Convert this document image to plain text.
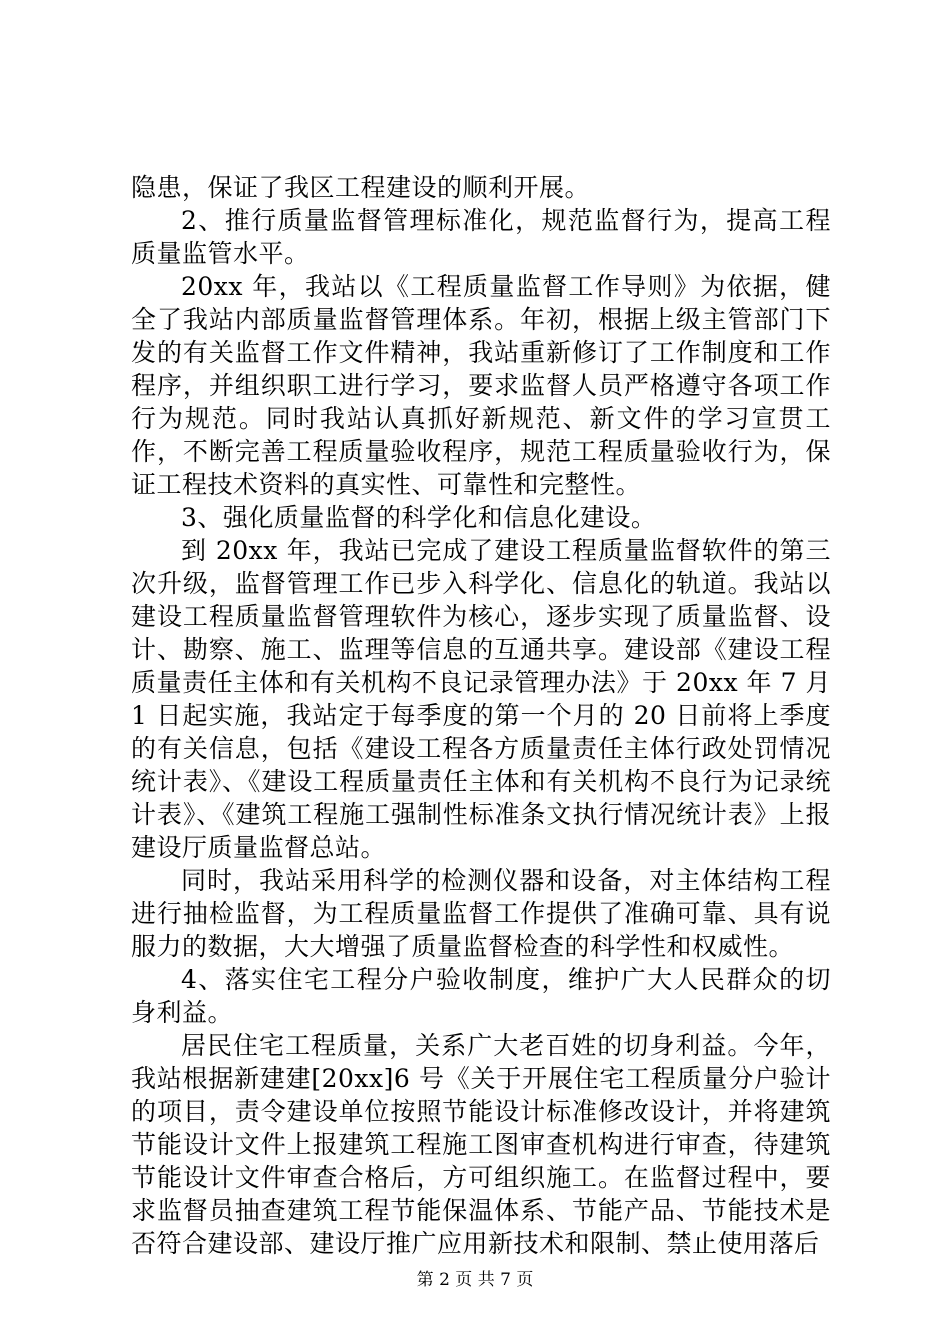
隐患，保证了我区工程建设的顺利开展。

2、推行质量监督管理标准化，规范监督行为，提高工程质量监管水平。

20xx 年，我站以《工程质量监督工作导则》为依据，健全了我站内部质量监督管理体系。年初，根据上级主管部门下发的有关监督工作文件精神，我站重新修订了工作制度和工作程序，并组织职工进行学习，要求监督人员严格遵守各项工作行为规范。同时我站认真抓好新规范、新文件的学习宣贯工作，不断完善工程质量验收程序，规范工程质量验收行为，保证工程技术资料的真实性、可靠性和完整性。

3、强化质量监督的科学化和信息化建设。

到 20xx 年，我站已完成了建设工程质量监督软件的第三次升级，监督管理工作已步入科学化、信息化的轨道。我站以建设工程质量监督管理软件为核心，逐步实现了质量监督、设计、勘察、施工、监理等信息的互通共享。建设部《建设工程质量责任主体和有关机构不良记录管理办法》于 20xx 年 7 月 1 日起实施，我站定于每季度的第一个月的 20 日前将上季度的有关信息，包括《建设工程各方质量责任主体行政处罚情况统计表》、《建设工程质量责任主体和有关机构不良行为记录统计表》、《建筑工程施工强制性标准条文执行情况统计表》上报建设厅质量监督总站。

同时，我站采用科学的检测仪器和设备，对主体结构工程进行抽检监督，为工程质量监督工作提供了准确可靠、具有说服力的数据，大大增强了质量监督检查的科学性和权威性。

4、落实住宅工程分户验收制度，维护广大人民群众的切身利益。

居民住宅工程质量，关系广大老百姓的切身利益。今年，我站根据新建建[20xx]6 号《关于开展住宅工程质量分户验计的项目，责令建设单位按照节能设计标准修改设计，并将建筑节能设计文件上报建筑工程施工图审查机构进行审查，待建筑节能设计文件审查合格后，方可组织施工。在监督过程中，要求监督员抽查建筑工程节能保温体系、节能产品、节能技术是否符合建设部、建设厅推广应用新技术和限制、禁止使用落后

第 2 页 共 7 页
